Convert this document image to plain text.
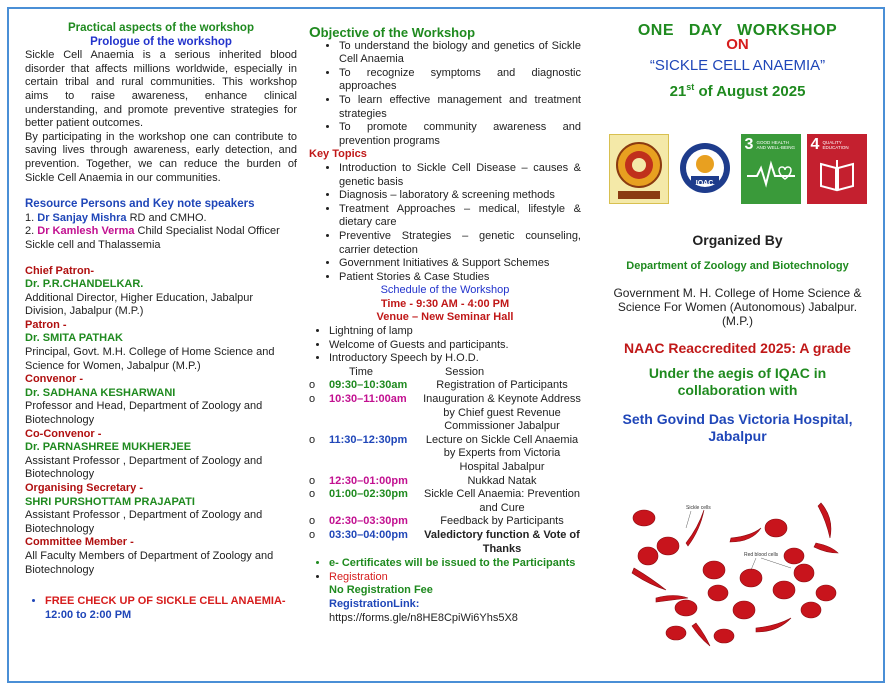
Practical aspects of the workshop
Prologue of the workshop
Sickle Cell Anaemia is a serious inherited blood disorder that affects millions worldwide, especially in certain tribal and rural communities. This workshop aims to raise awareness, enhance clinical understanding, and promote preventive strategies for better patient outcomes.
By participating in the workshop one can contribute to saving lives through awareness, early detection, and prevention. Together, we can reduce the burden of Sickle Cell Anaemia in our communities.
Resource Persons and Key note speakers
1. Dr Sanjay Mishra RD and CMHO.
2. Dr Kamlesh Verma Child Specialist Nodal Officer Sickle cell and Thalassemia
Chief Patron-
Dr. P.R.CHANDELKAR.
Additional Director, Higher Education, Jabalpur Division, Jabalpur (M.P.)
Patron -
Dr. SMITA PATHAK
Principal, Govt. M.H. College of Home Science and Science for Women, Jabalpur (M.P.)
Convenor -
Dr. SADHANA KESHARWANI
Professor and Head, Department of Zoology and Biotechnology
Co-Convenor -
Dr. PARNASHREE MUKHERJEE
Assistant Professor , Department of Zoology and Biotechnology
Organising Secretary -
SHRI PURSHOTTAM PRAJAPATI
Assistant Professor , Department of Zoology and Biotechnology
Committee Member -
All Faculty Members of Department of Zoology and Biotechnology
• FREE CHECK UP OF SICKLE CELL ANAEMIA-
12:00 to 2:00 PM
Objective of the Workshop
• To understand the biology and genetics of Sickle Cell Anaemia
• To recognize symptoms and diagnostic approaches
• To learn effective management and treatment strategies
• To promote community awareness and prevention programs
Key Topics
• Introduction to Sickle Cell Disease – causes & genetic basis
• Diagnosis – laboratory & screening methods
• Treatment Approaches – medical, lifestyle & dietary care
• Preventive Strategies – genetic counseling, carrier detection
• Government Initiatives & Support Schemes
• Patient Stories & Case Studies
Schedule of the Workshop
Time - 9:30 AM - 4:00 PM
Venue – New Seminar Hall
• Lightning of lamp
• Welcome of Guests and participants.
• Introductory Speech by H.O.D.
Time	Session
o	09:30–10:30am	Registration of Participants
o	10:30–11:00am	Inauguration & Keynote Address by Chief guest Revenue Commissioner Jabalpur
o	11:30–12:30pm	Lecture on Sickle Cell Anaemia by Experts from Victoria Hospital Jabalpur
o	12:30–01:00pm	Nukkad Natak
o	01:00–02:30pm	Sickle Cell Anaemia: Prevention and Cure
o	02:30–03:30pm	Feedback by Participants
o	03:30–04:00pm	Valedictory function & Vote of Thanks
• e- Certificates will be issued to the Participants
• Registration
No Registration Fee
RegistrationLink:
https://forms.gle/n8HE8CpiWi6Yhs5X8
ONE   DAY   WORKSHOP
ON
“SICKLE CELL ANAEMIA”
21st of August 2025
IQAC
3 GOOD HEALTH AND WELL-BEING 4 QUALITY EDUCATION
Organized By
Department of Zoology and Biotechnology
Government M. H. College of Home Science & Science For Women (Autonomous) Jabalpur.(M.P.)
NAAC Reaccredited 2025: A grade
Under the aegis of IQAC in collaboration with
Seth Govind Das Victoria Hospital, Jabalpur
Sickle cells
Red blood cells
